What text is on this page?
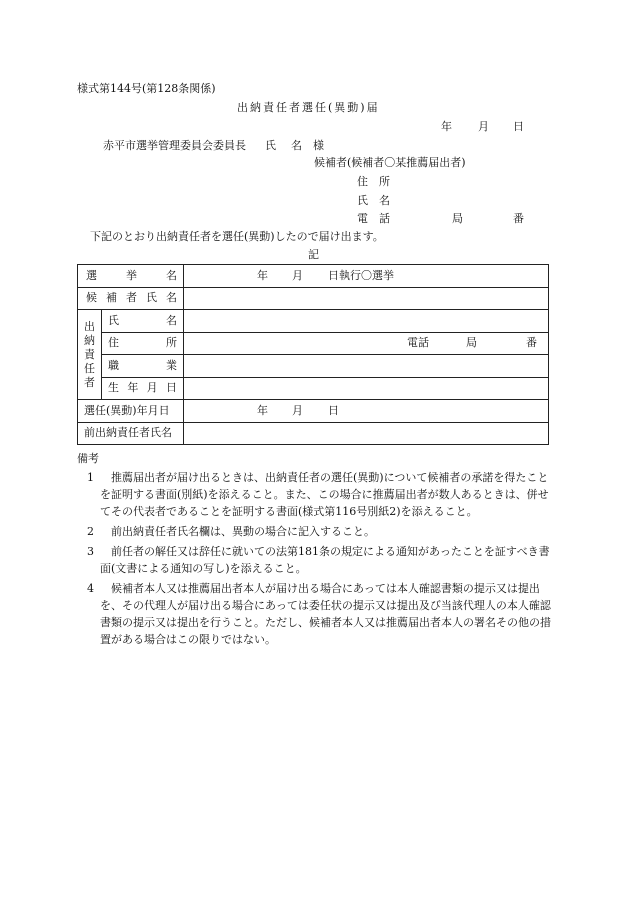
様式第144号(第128条関係)
出納責任者選任(異動)届
年 月 日
赤平市選挙管理委員会委員長 氏 名 様
候補者(候補者〇某推薦届出者)
住　所
氏　名
電　話	局	番
下記のとおり出納責任者を選任(異動)したので届け出ます。
記
選 挙 名		年 月 日執行〇選挙

候 補 者 氏 名		

出
納
責
任
者	氏 名	

	住 所	電話 局 番

	職 業	

	生 年 月 日	

選任(異動)年月日		年 月 日

前出納責任者氏名		
備考
1	推薦届出者が届け出るときは、出納責任者の選任(異動)について候補者の承諾を得たことを証明する書面(別紙)を添えること。また、この場合に推薦届出者が数人あるときは、併せてその代表者であることを証明する書面(様式第116号別紙2)を添えること。
2	前出納責任者氏名欄は、異動の場合に記入すること。
3	前任者の解任又は辞任に就いての法第181条の規定による通知があったことを証すべき書面(文書による通知の写し)を添えること。
4	候補者本人又は推薦届出者本人が届け出る場合にあっては本人確認書類の提示又は提出を、その代理人が届け出る場合にあっては委任状の提示又は提出及び当該代理人の本人確認書類の提示又は提出を行うこと。ただし、候補者本人又は推薦届出者本人の署名その他の措置がある場合はこの限りではない。
